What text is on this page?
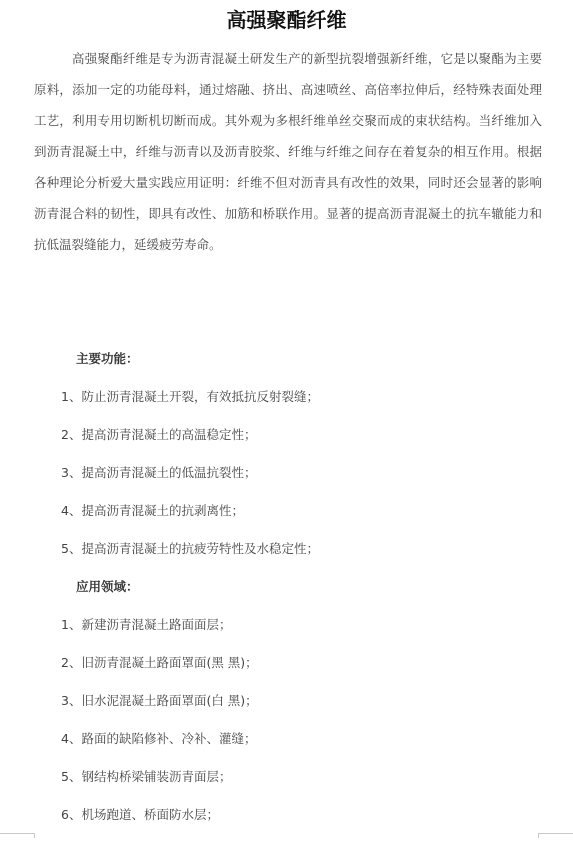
高强聚酯纤维

高强聚酯纤维是专为沥青混凝土研发生产的新型抗裂增强新纤维，它是以聚酯为主要原料，添加一定的功能母料，通过熔融、挤出、高速喷丝、高倍率拉伸后，经特殊表面处理工艺，利用专用切断机切断而成。其外观为多根纤维单丝交聚而成的束状结构。当纤维加入到沥青混凝土中，纤维与沥青以及沥青胶浆、纤维与纤维之间存在着复杂的相互作用。根据各种理论分析爱大量实践应用证明：纤维不但对沥青具有改性的效果，同时还会显著的影响沥青混合料的韧性，即具有改性、加筋和桥联作用。显著的提高沥青混凝土的抗车辙能力和抗低温裂缝能力，延缓疲劳寿命。

主要功能：
1、防止沥青混凝土开裂，有效抵抗反射裂缝；
2、提高沥青混凝土的高温稳定性；
3、提高沥青混凝土的低温抗裂性；
4、提高沥青混凝土的抗剥离性；
5、提高沥青混凝土的抗疲劳特性及水稳定性；
应用领域：
1、新建沥青混凝土路面面层；
2、旧沥青混凝土路面罩面(黑 黑)；
3、旧水泥混凝土路面罩面(白 黑)；
4、路面的缺陷修补、冷补、灌缝；
5、钢结构桥梁铺装沥青面层；
6、机场跑道、桥面防水层；
